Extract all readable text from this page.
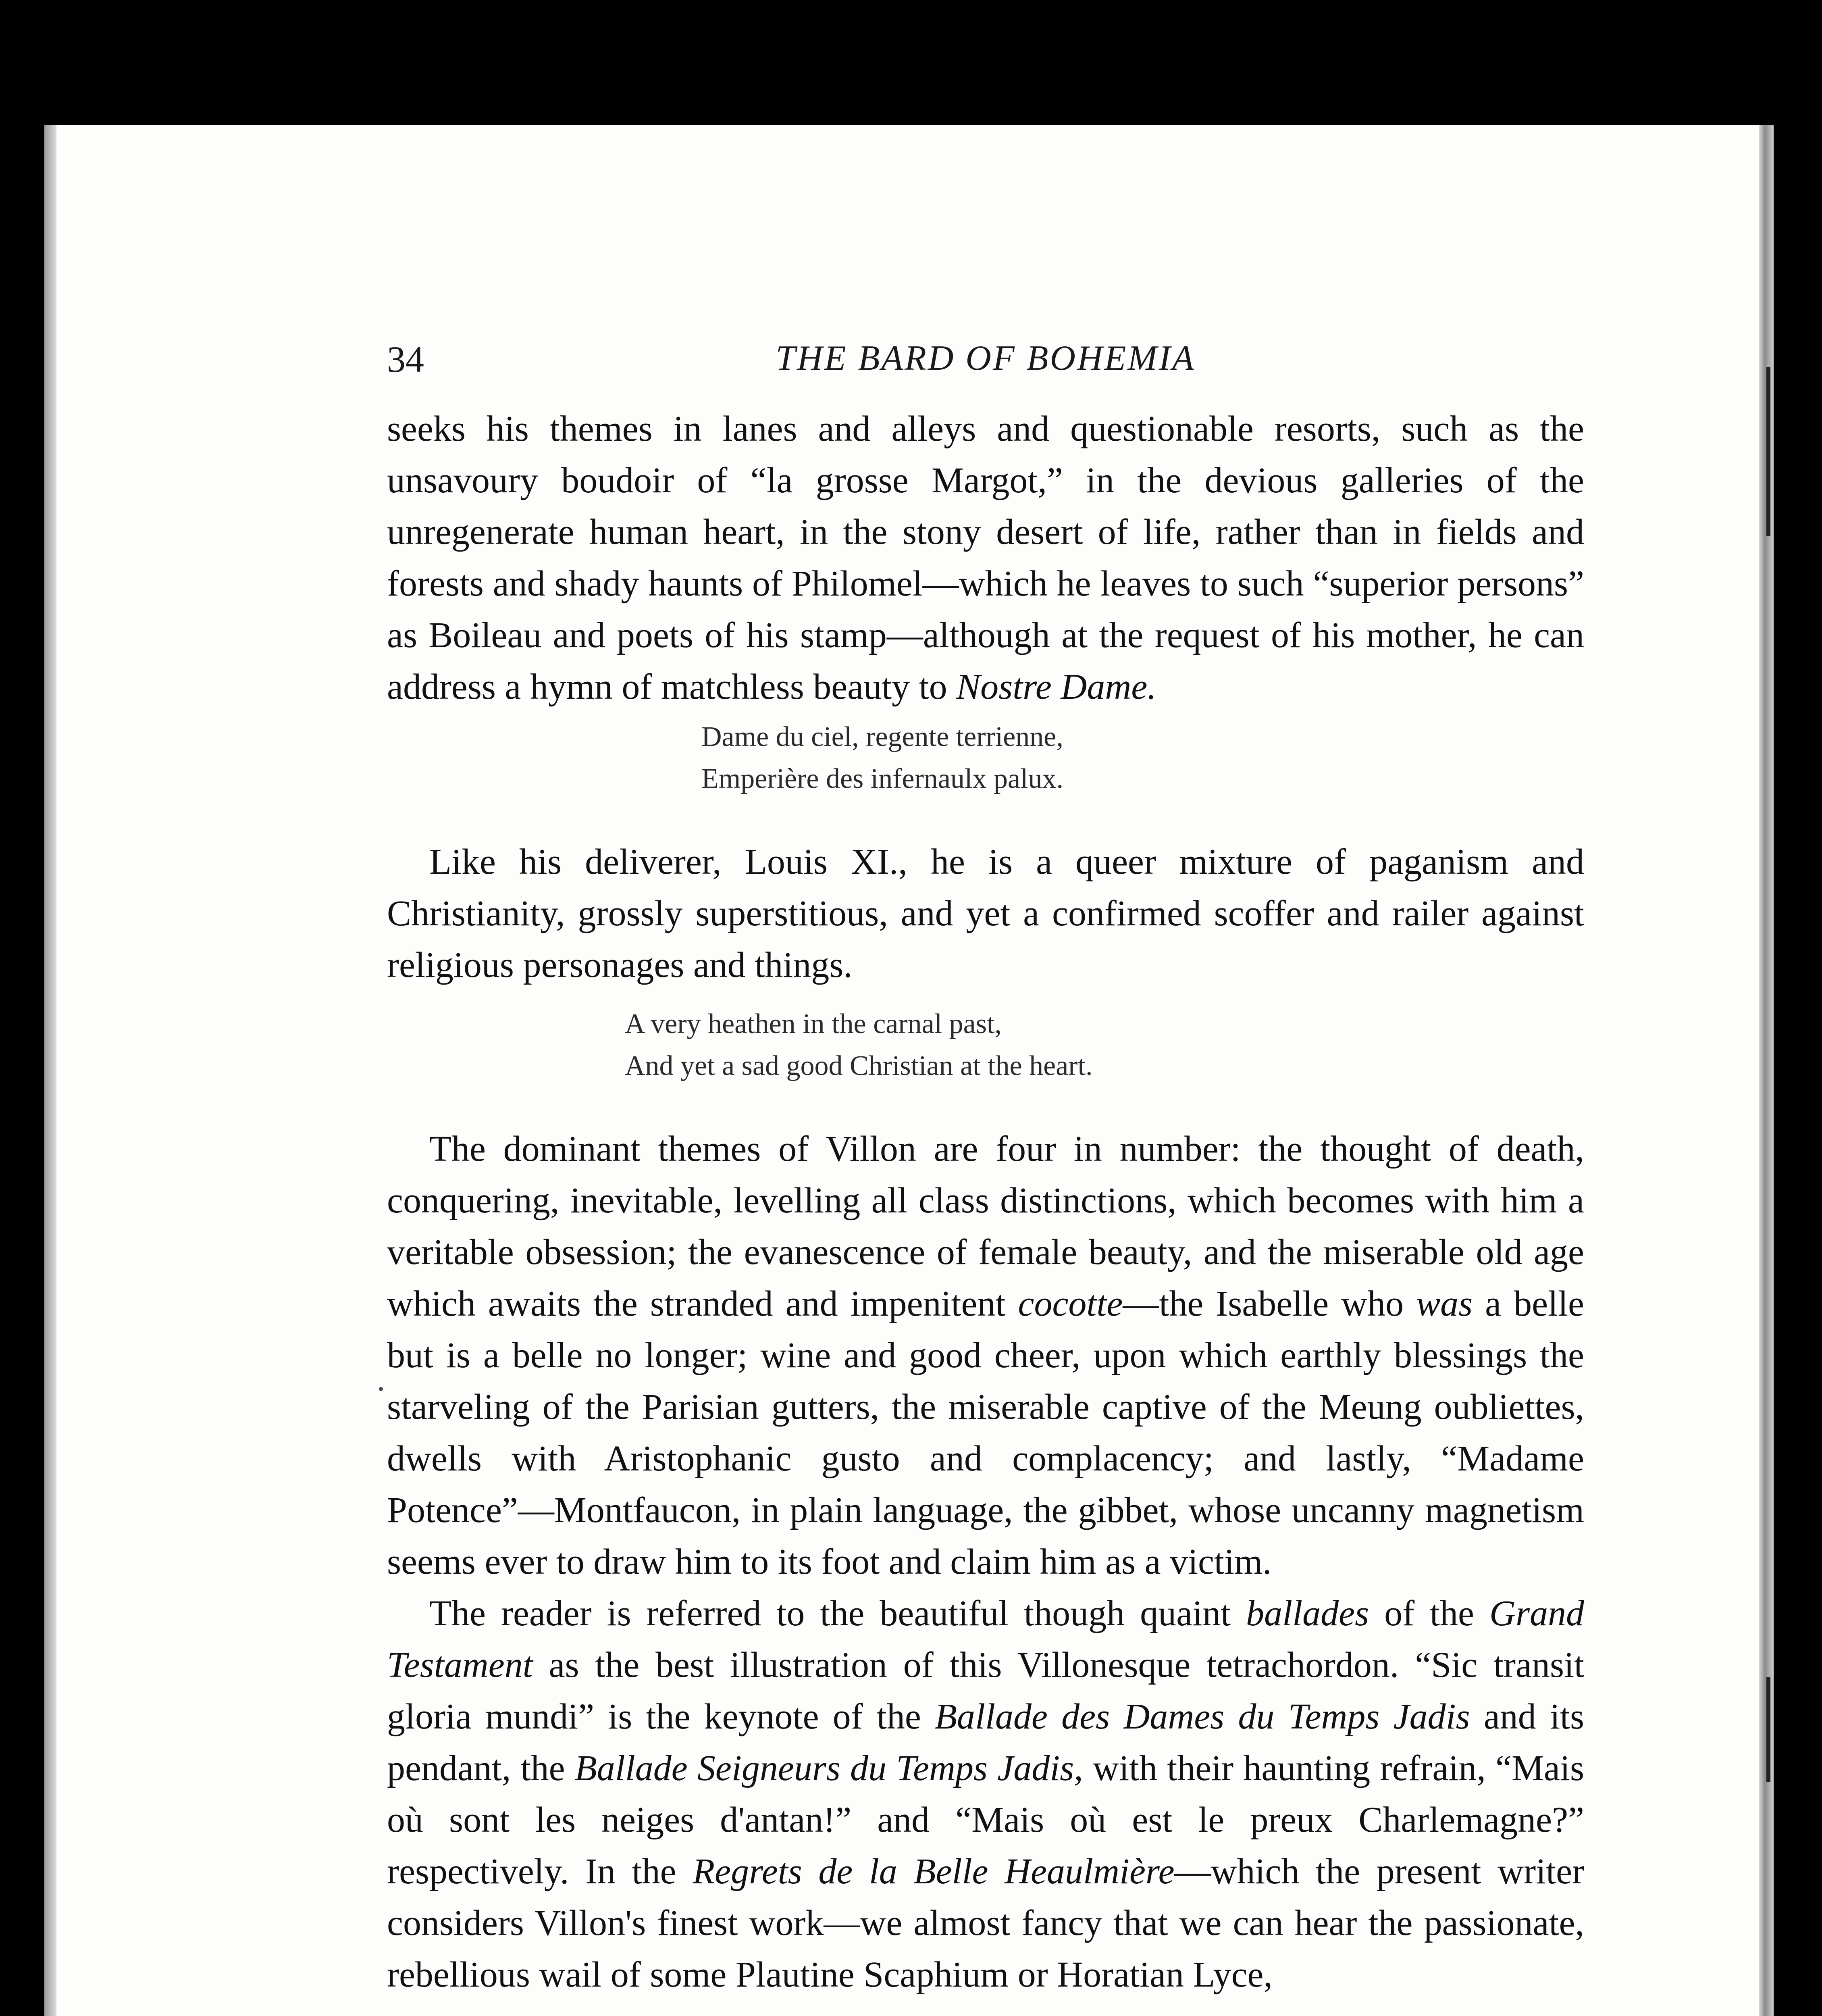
34	THE BARD OF BOHEMIA

seeks his themes in lanes and alleys and questionable resorts, such as the unsavoury boudoir of “la grosse Margot,” in the devious galleries of the unregenerate human heart, in the stony desert of life, rather than in fields and forests and shady haunts of Philomel—which he leaves to such “superior persons” as Boileau and poets of his stamp—although at the request of his mother, he can address a hymn of matchless beauty to Nostre Dame.

Dame du ciel, regente terrienne,
Emperière des infernaulx palux.

Like his deliverer, Louis XI., he is a queer mixture of paganism and Christianity, grossly superstitious, and yet a confirmed scoffer and railer against religious personages and things.

A very heathen in the carnal past,
And yet a sad good Christian at the heart.

The dominant themes of Villon are four in number: the thought of death, conquering, inevitable, levelling all class distinctions, which becomes with him a veritable obsession; the evanescence of female beauty, and the miserable old age which awaits the stranded and impenitent cocotte—the Isabelle who was a belle but is a belle no longer; wine and good cheer, upon which earthly blessings the starveling of the Parisian gutters, the miserable captive of the Meung oubliettes, dwells with Aristophanic gusto and complacency; and lastly, “Madame Potence”—Montfaucon, in plain language, the gibbet, whose uncanny magnetism seems ever to draw him to its foot and claim him as a victim.

The reader is referred to the beautiful though quaint ballades of the Grand Testament as the best illustration of this Villonesque tetrachordon. “Sic transit gloria mundi” is the keynote of the Ballade des Dames du Temps Jadis and its pendant, the Ballade Seigneurs du Temps Jadis, with their haunting refrain, “Mais où sont les neiges d'antan!” and “Mais où est le preux Charlemagne?” respectively. In the Regrets de la Belle Heaulmière—which the present writer considers Villon's finest work—we almost fancy that we can hear the passionate, rebellious wail of some Plautine Scaphium or Horatian Lyce,
